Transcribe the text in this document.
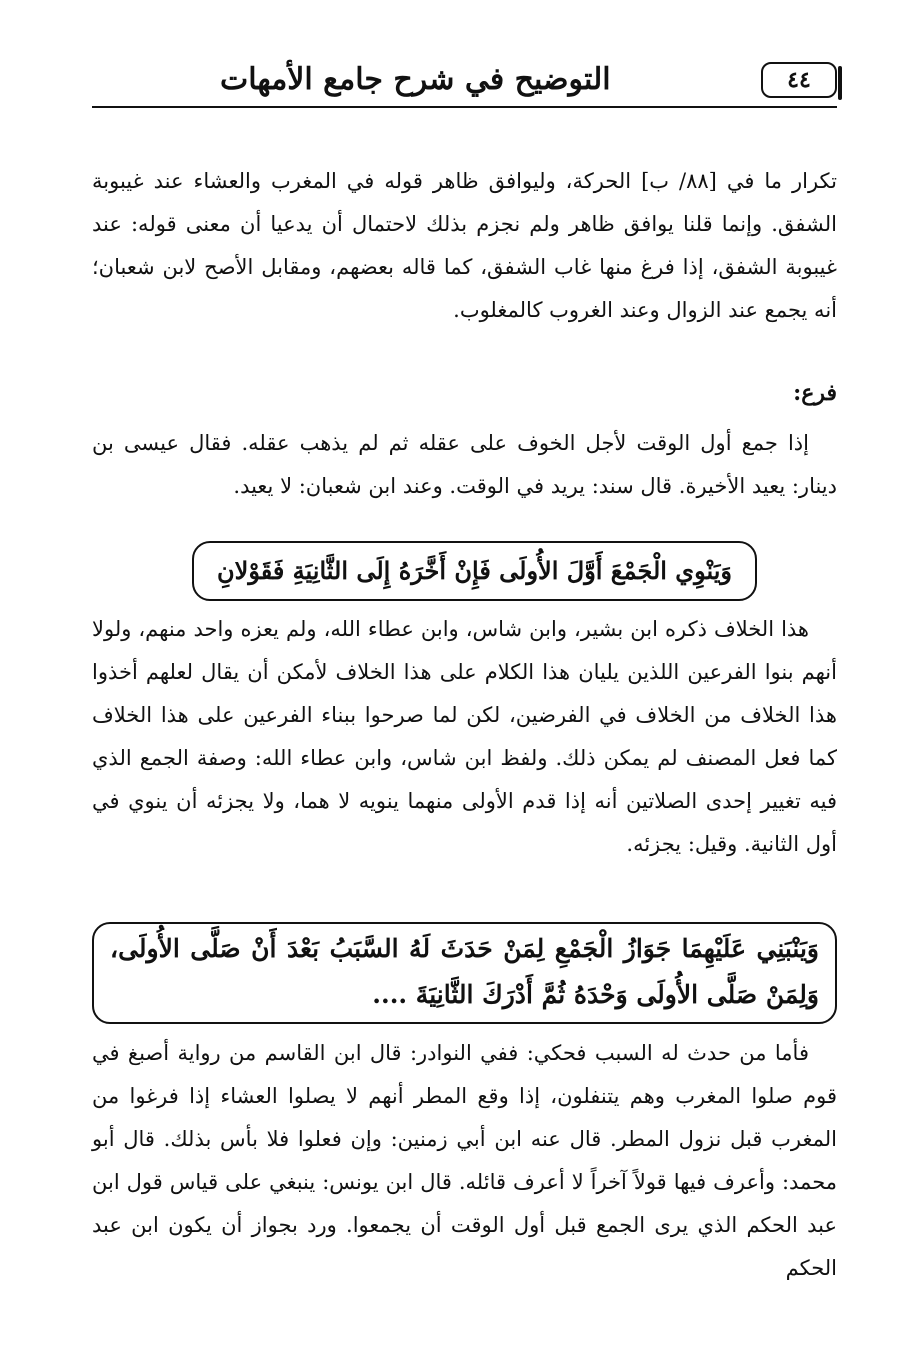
التوضيح في شرح جامع الأمهات	٤٤
تكرار ما في [٨٨/ ب] الحركة، وليوافق ظاهر قوله في المغرب والعشاء عند غيبوبة الشفق. وإنما قلنا يوافق ظاهر ولم نجزم بذلك لاحتمال أن يدعيا أن معنى قوله: عند غيبوبة الشفق، إذا فرغ منها غاب الشفق، كما قاله بعضهم، ومقابل الأصح لابن شعبان؛ أنه يجمع عند الزوال وعند الغروب كالمغلوب.
فرع:
إذا جمع أول الوقت لأجل الخوف على عقله ثم لم يذهب عقله. فقال عيسى بن دينار: يعيد الأخيرة. قال سند: يريد في الوقت. وعند ابن شعبان: لا يعيد.
وَيَنْوِي الْجَمْعَ أَوَّلَ الأُولَى فَإِنْ أَخَّرَهُ إِلَى الثَّانِيَةِ فَقَوْلانِ
هذا الخلاف ذكره ابن بشير، وابن شاس، وابن عطاء الله، ولم يعزه واحد منهم، ولولا أنهم بنوا الفرعين اللذين يليان هذا الكلام على هذا الخلاف لأمكن أن يقال لعلهم أخذوا هذا الخلاف من الخلاف في الفرضين، لكن لما صرحوا ببناء الفرعين على هذا الخلاف كما فعل المصنف لم يمكن ذلك. ولفظ ابن شاس، وابن عطاء الله: وصفة الجمع الذي فيه تغيير إحدى الصلاتين أنه إذا قدم الأولى منهما ينويه لا هما، ولا يجزئه أن ينوي في أول الثانية. وقيل: يجزئه.
وَيَنْبَنِي عَلَيْهِمَا جَوَازُ الْجَمْعِ لِمَنْ حَدَثَ لَهُ السَّبَبُ بَعْدَ أَنْ صَلَّى الأُولَى، وَلِمَنْ صَلَّى الأُولَى وَحْدَهُ ثُمَّ أَدْرَكَ الثَّانِيَةَ ....
فأما من حدث له السبب فحكي: ففي النوادر: قال ابن القاسم من رواية أصبغ في قوم صلوا المغرب وهم يتنفلون، إذا وقع المطر أنهم لا يصلوا العشاء إذا فرغوا من المغرب قبل نزول المطر. قال عنه ابن أبي زمنين: وإن فعلوا فلا بأس بذلك. قال أبو محمد: وأعرف فيها قولاً آخراً لا أعرف قائله. قال ابن يونس: ينبغي على قياس قول ابن عبد الحكم الذي يرى الجمع قبل أول الوقت أن يجمعوا. ورد بجواز أن يكون ابن عبد الحكم
